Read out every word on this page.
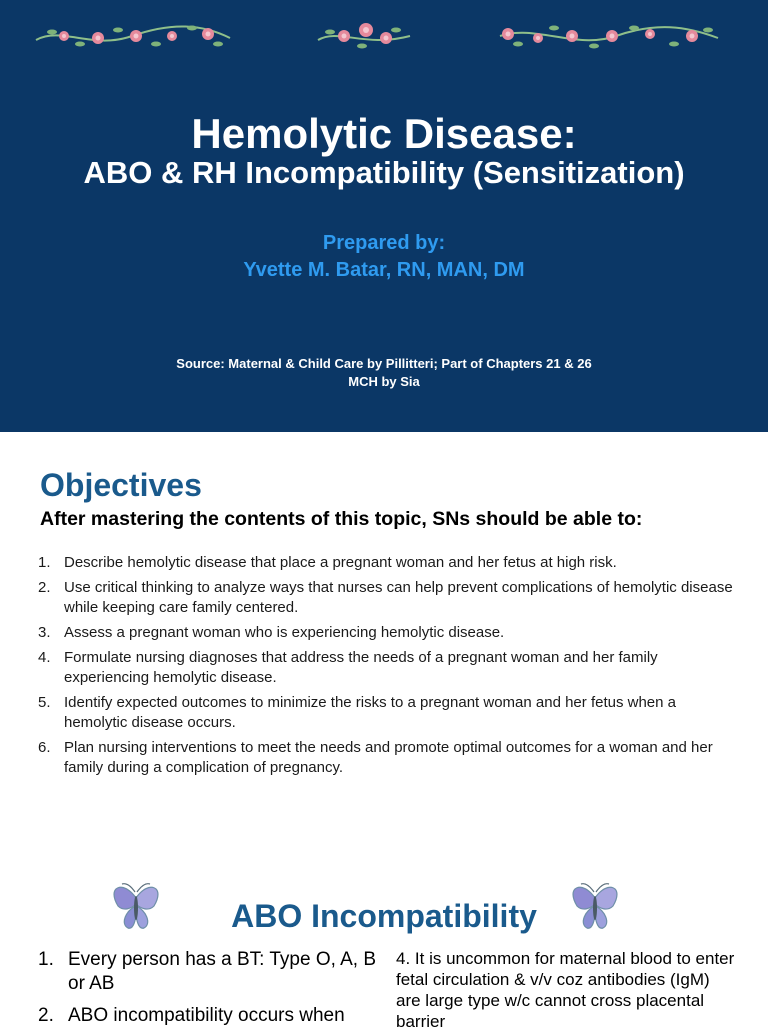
Hemolytic Disease:
ABO & RH Incompatibility (Sensitization)
Prepared by:
Yvette M. Batar, RN, MAN, DM
Source: Maternal & Child Care by Pillitteri; Part of Chapters 21 & 26
MCH by Sia
Objectives
After mastering the contents of this topic, SNs should be able to:
1. Describe hemolytic disease that place a pregnant woman and her fetus at high risk.
2. Use critical thinking to analyze ways that nurses can help prevent complications of hemolytic disease while keeping care family centered.
3. Assess a pregnant woman who is experiencing hemolytic disease.
4. Formulate nursing diagnoses that address the needs of a pregnant woman and her family experiencing hemolytic disease.
5. Identify expected outcomes to minimize the risks to a pregnant woman and her fetus when a hemolytic disease occurs.
6. Plan nursing interventions to meet the needs and promote optimal outcomes for a woman and her family during a complication of pregnancy.
ABO Incompatibility
1. Every person has a BT: Type O, A, B or AB
2. ABO incompatibility occurs when
4. It is uncommon for maternal blood to enter fetal circulation & v/v coz antibodies (IgM) are large type w/c cannot cross placental barrier
